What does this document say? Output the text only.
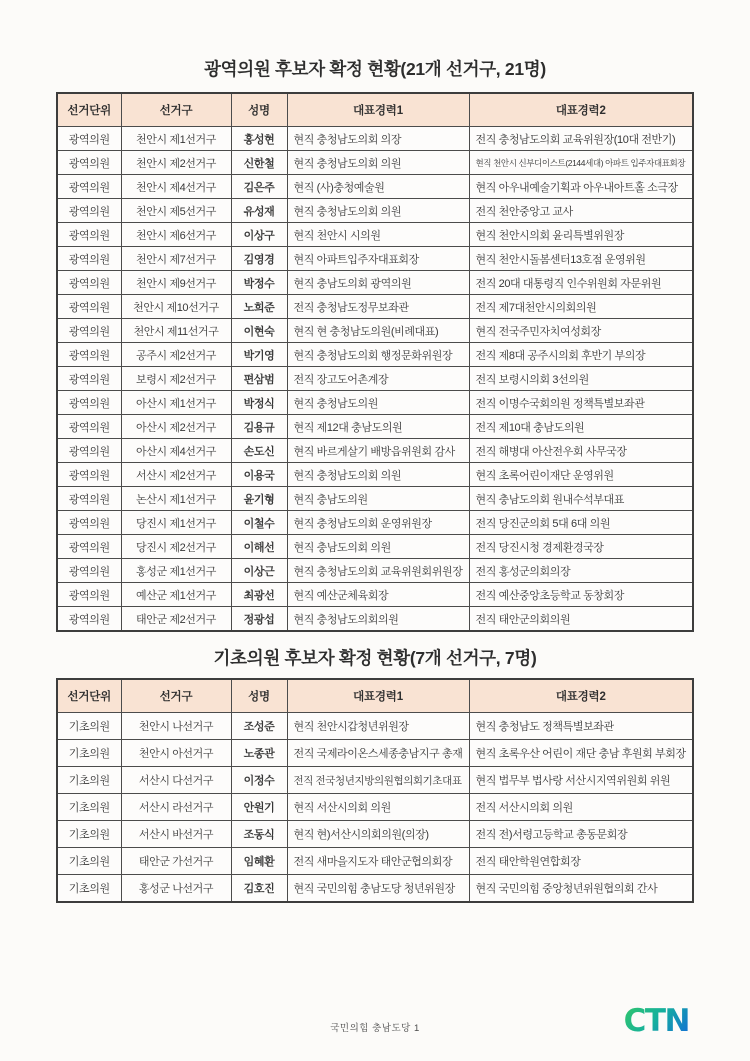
광역의원 후보자 확정 현황(21개 선거구, 21명)
선거단위	선거구	성명	대표경력1	대표경력2
광역의원	천안시 제1선거구	홍성현	현직 충청남도의회 의장	전직 충청남도의회 교육위원장(10대 전반기)
광역의원	천안시 제2선거구	신한철	현직 충청남도의회 의원	현직 천안시 신부디이스트(2144세대) 아파트 입주자대표회장
광역의원	천안시 제4선거구	김은주	현직 (사)충청예술원	현직 아우내예술기획과 아우내아트홀 소극장
광역의원	천안시 제5선거구	유성재	현직 충청남도의회 의원	전직 천안중앙고 교사
광역의원	천안시 제6선거구	이상구	현직 천안시 시의원	현직 천안시의회 윤리특별위원장
광역의원	천안시 제7선거구	김영경	현직 아파트입주자대표회장	현직 천안시돌봄센터13호점 운영위원
광역의원	천안시 제9선거구	박정수	현직 충남도의회 광역의원	전직 20대 대통령직 인수위원회 자문위원
광역의원	천안시 제10선거구	노희준	전직 충청남도정무보좌관	전직 제7대천안시의회의원
광역의원	천안시 제11선거구	이현숙	현직 현 충청남도의원(비례대표)	현직 전국주민자치여성회장
광역의원	공주시 제2선거구	박기영	현직 충청남도의회 행정문화위원장	전직 제8대 공주시의회 후반기 부의장
광역의원	보령시 제2선거구	편삼범	전직 장고도어촌계장	전직 보령시의회 3선의원
광역의원	아산시 제1선거구	박정식	현직 충청남도의원	전직 이명수국회의원 정책특별보좌관
광역의원	아산시 제2선거구	김용규	현직 제12대 충남도의원	전직 제10대 충남도의원
광역의원	아산시 제4선거구	손도신	현직 바르게살기 배방읍위원회 감사	전직 해병대 아산전우회 사무국장
광역의원	서산시 제2선거구	이용국	현직 충청남도의회 의원	현직 초록어린이재단 운영위원
광역의원	논산시 제1선거구	윤기형	현직 충남도의원	현직 충남도의회 원내수석부대표
광역의원	당진시 제1선거구	이철수	현직 충청남도의회 운영위원장	전직 당진군의회 5대 6대 의원
광역의원	당진시 제2선거구	이해선	현직 충남도의회 의원	전직 당진시청 경제환경국장
광역의원	홍성군 제1선거구	이상근	현직 충청남도의회 교육위원회위원장	전직 홍성군의회의장
광역의원	예산군 제1선거구	최광선	현직 예산군체육회장	전직 예산중앙초등학교 동창회장
광역의원	태안군 제2선거구	정광섭	현직 충청남도의회의원	전직 태안군의회의원
기초의원 후보자 확정 현황(7개 선거구, 7명)
선거단위	선거구	성명	대표경력1	대표경력2
기초의원	천안시 나선거구	조성준	현직 천안시갑청년위원장	현직 충청남도 정책특별보좌관
기초의원	천안시 아선거구	노종관	전직 국제라이온스세종충남지구 총재	현직 초록우산 어린이 재단 충남 후원회 부회장
기초의원	서산시 다선거구	이정수	전직 전국청년지방의원협의회기초대표	현직 법무부 법사랑 서산시지역위원회 위원
기초의원	서산시 라선거구	안원기	현직 서산시의회 의원	전직 서산시의회 의원
기초의원	서산시 바선거구	조동식	현직 현)서산시의회의원(의장)	전직 전)서령고등학교 총동문회장
기초의원	태안군 가선거구	임혜환	전직 새마을지도자 태안군협의회장	전직 태안학원연합회장
기초의원	홍성군 나선거구	김호진	현직 국민의힘 충남도당 청년위원장	현직 국민의힘 중앙청년위원협의회 간사
국민의힘 충남도당 1	CTN
